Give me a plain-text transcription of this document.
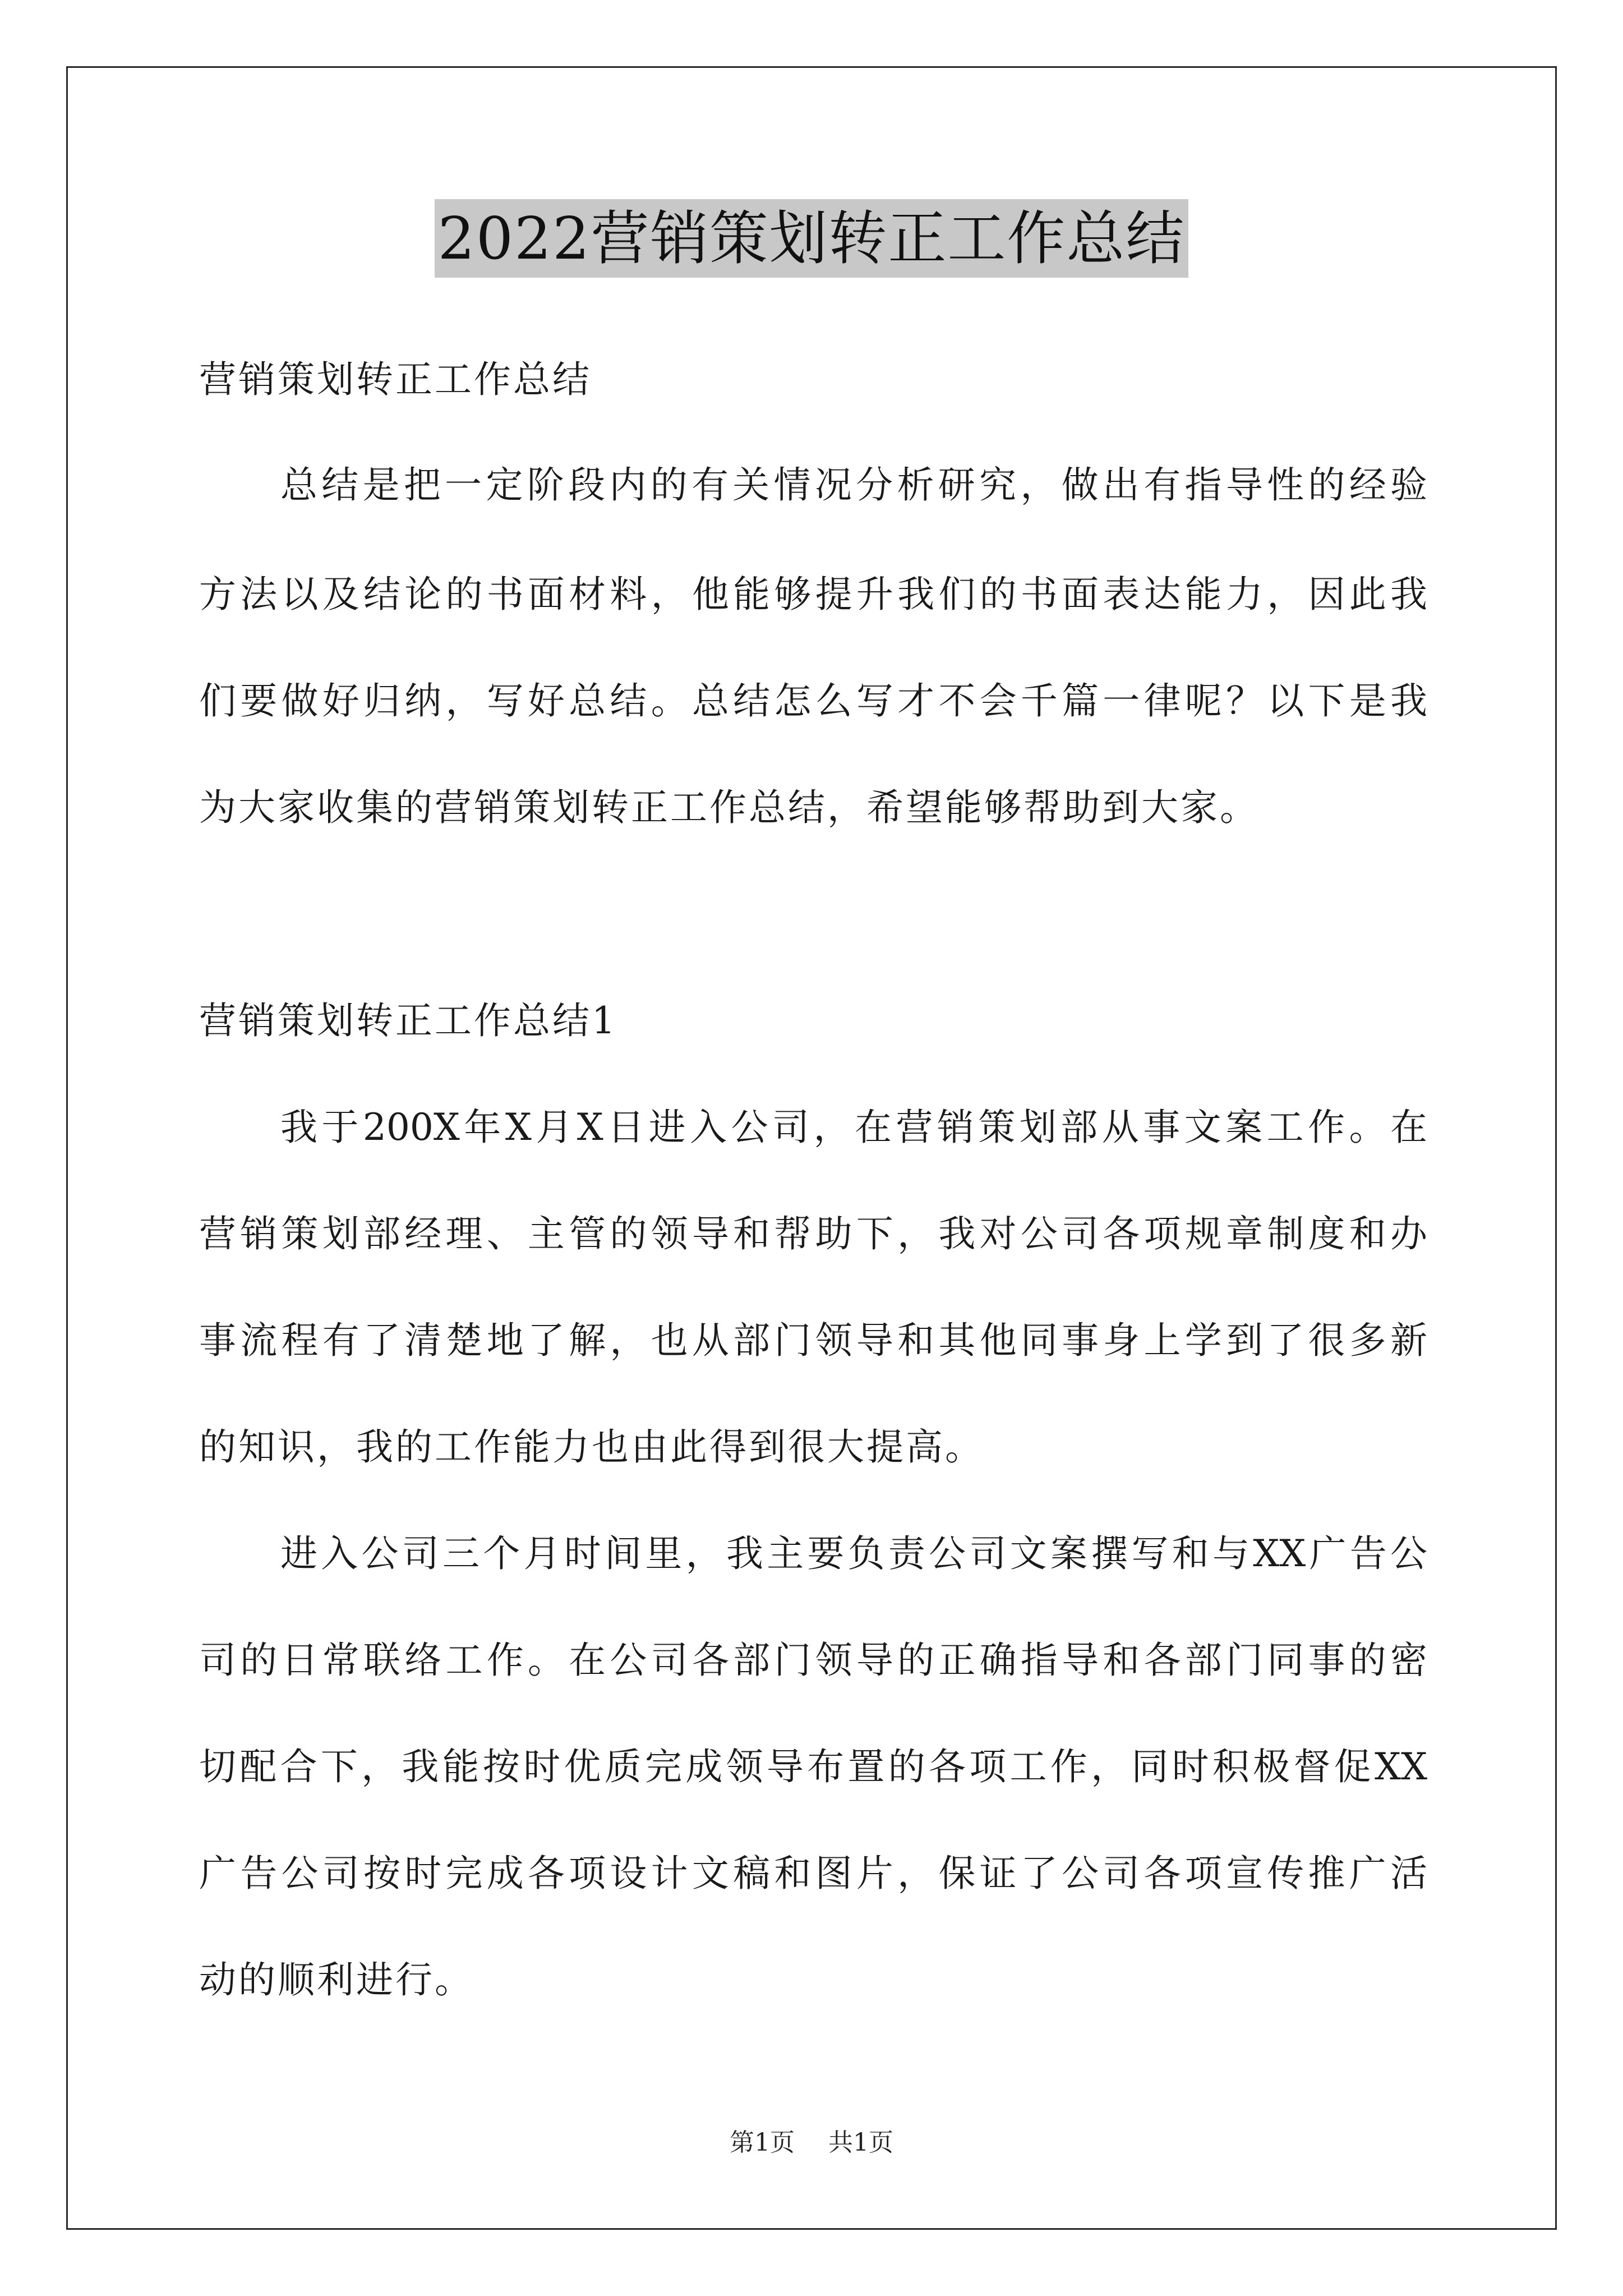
2022营销策划转正工作总结
营销策划转正工作总结
总结是把一定阶段内的有关情况分析研究，做出有指导性的经验
方法以及结论的书面材料，他能够提升我们的书面表达能力，因此我
们要做好归纳，写好总结。总结怎么写才不会千篇一律呢？以下是我
为大家收集的营销策划转正工作总结，希望能够帮助到大家。
营销策划转正工作总结1
我于200X年X月X日进入公司，在营销策划部从事文案工作。在
营销策划部经理、主管的领导和帮助下，我对公司各项规章制度和办
事流程有了清楚地了解，也从部门领导和其他同事身上学到了很多新
的知识，我的工作能力也由此得到很大提高。
进入公司三个月时间里，我主要负责公司文案撰写和与XX广告公
司的日常联络工作。在公司各部门领导的正确指导和各部门同事的密
切配合下，我能按时优质完成领导布置的各项工作，同时积极督促XX
广告公司按时完成各项设计文稿和图片，保证了公司各项宣传推广活
动的顺利进行。
第1页 共1页
